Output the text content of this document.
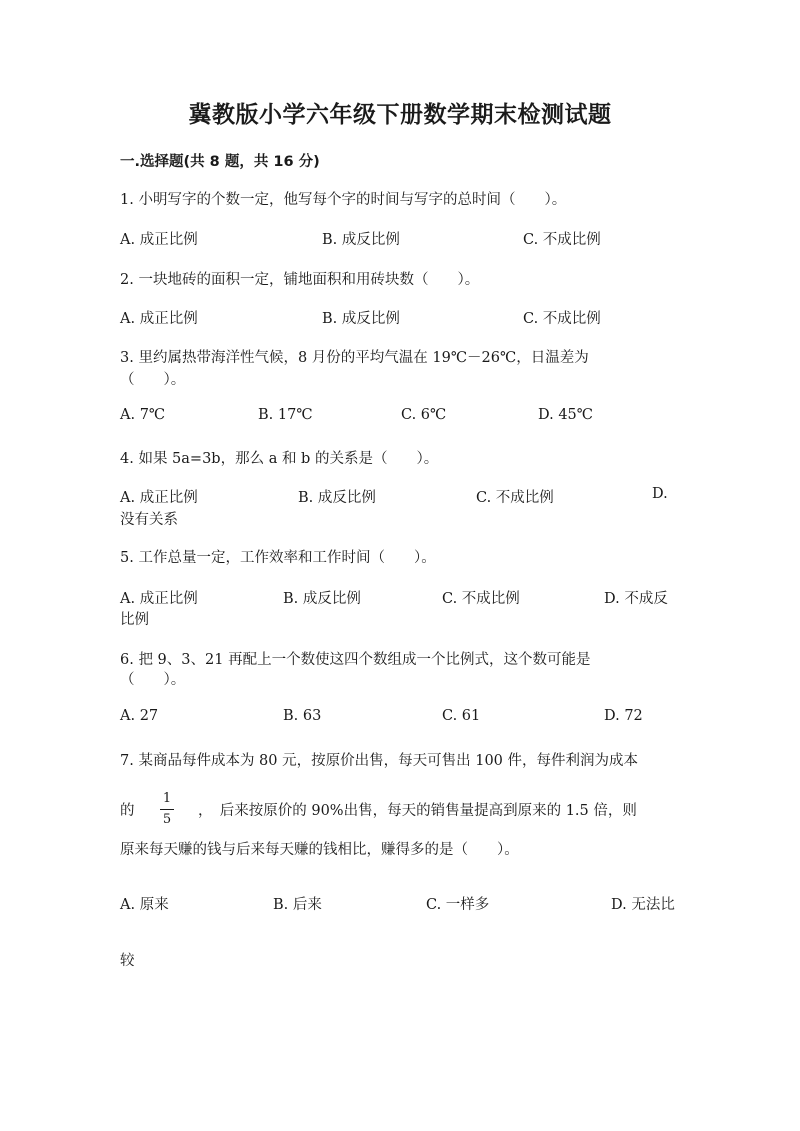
冀教版小学六年级下册数学期末检测试题
一.选择题(共 8 题，共 16 分)
1. 小明写字的个数一定，他写每个字的时间与写字的总时间（　　）。
A. 成正比例	B. 成反比例	C. 不成比例
2. 一块地砖的面积一定，铺地面积和用砖块数（　　）。
A. 成正比例	B. 成反比例	C. 不成比例
3. 里约属热带海洋性气候，8 月份的平均气温在 19℃－26℃，日温差为
（　　）。
A. 7℃	B. 17℃	C. 6℃	D. 45℃
4. 如果 5a=3b，那么 a 和 b 的关系是（　　）。
A. 成正比例	B. 成反比例	C. 不成比例	D.
没有关系
5. 工作总量一定，工作效率和工作时间（　　）。
A. 成正比例	B. 成反比例	C. 不成比例	D. 不成反
比例
6. 把 9、3、21 再配上一个数使这四个数组成一个比例式，这个数可能是
（　　）。
A. 27	B. 63	C. 61	D. 72
7. 某商品每件成本为 80 元，按原价出售，每天可售出 100 件，每件利润为成本
的
1
5
，　后来按原价的 90%出售，每天的销售量提高到原来的 1.5 倍，则
原来每天赚的钱与后来每天赚的钱相比，赚得多的是（　　）。
A. 原来	B. 后来	C. 一样多	D. 无法比
较
